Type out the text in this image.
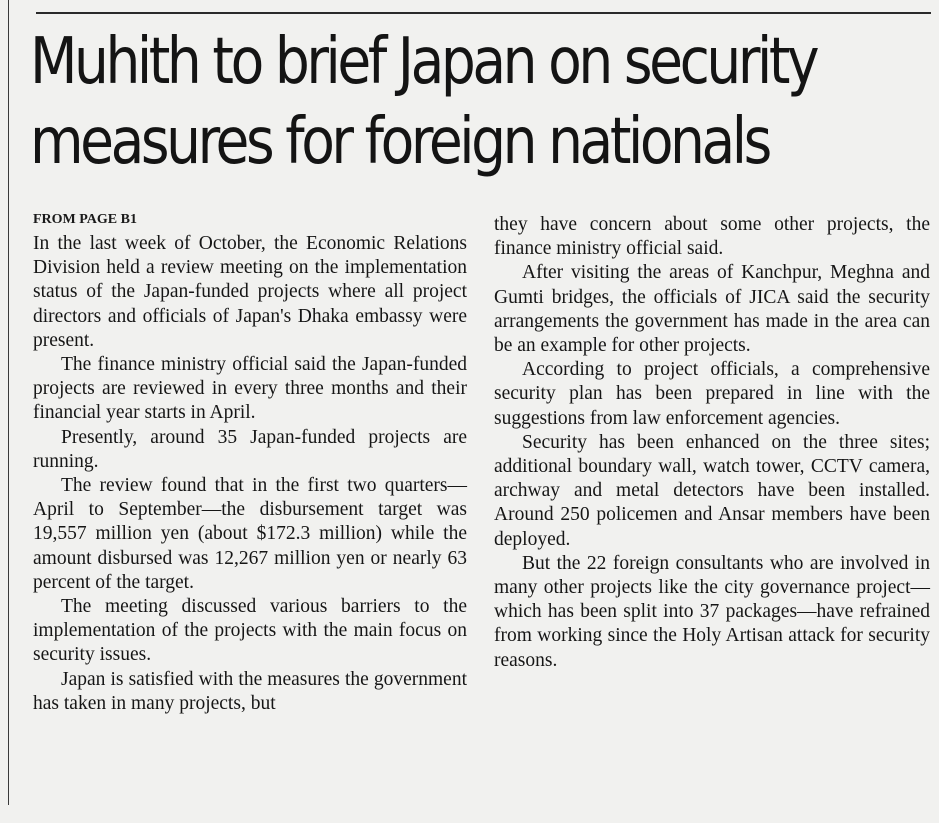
Muhith to brief Japan on security
measures for foreign nationals
FROM PAGE B1

In the last week of October, the Economic Relations Division held a review meeting on the implementation status of the Japan-funded projects where all project directors and officials of Japan's Dhaka embassy were present.

The finance ministry official said the Japan-funded projects are reviewed in every three months and their financial year starts in April.

Presently, around 35 Japan-funded projects are running.

The review found that in the first two quarters—April to September—the disbursement target was 19,557 million yen (about $172.3 million) while the amount disbursed was 12,267 million yen or nearly 63 percent of the target.

The meeting discussed various barriers to the implementation of the projects with the main focus on security issues.

Japan is satisfied with the measures the government has taken in many projects, but

they have concern about some other projects, the finance ministry official said.

After visiting the areas of Kanchpur, Meghna and Gumti bridges, the officials of JICA said the security arrangements the government has made in the area can be an example for other projects.

According to project officials, a comprehensive security plan has been prepared in line with the suggestions from law enforcement agencies.

Security has been enhanced on the three sites; additional boundary wall, watch tower, CCTV camera, archway and metal detectors have been installed. Around 250 policemen and Ansar members have been deployed.

But the 22 foreign consultants who are involved in many other projects like the city governance project—which has been split into 37 packages—have refrained from working since the Holy Artisan attack for security reasons.
